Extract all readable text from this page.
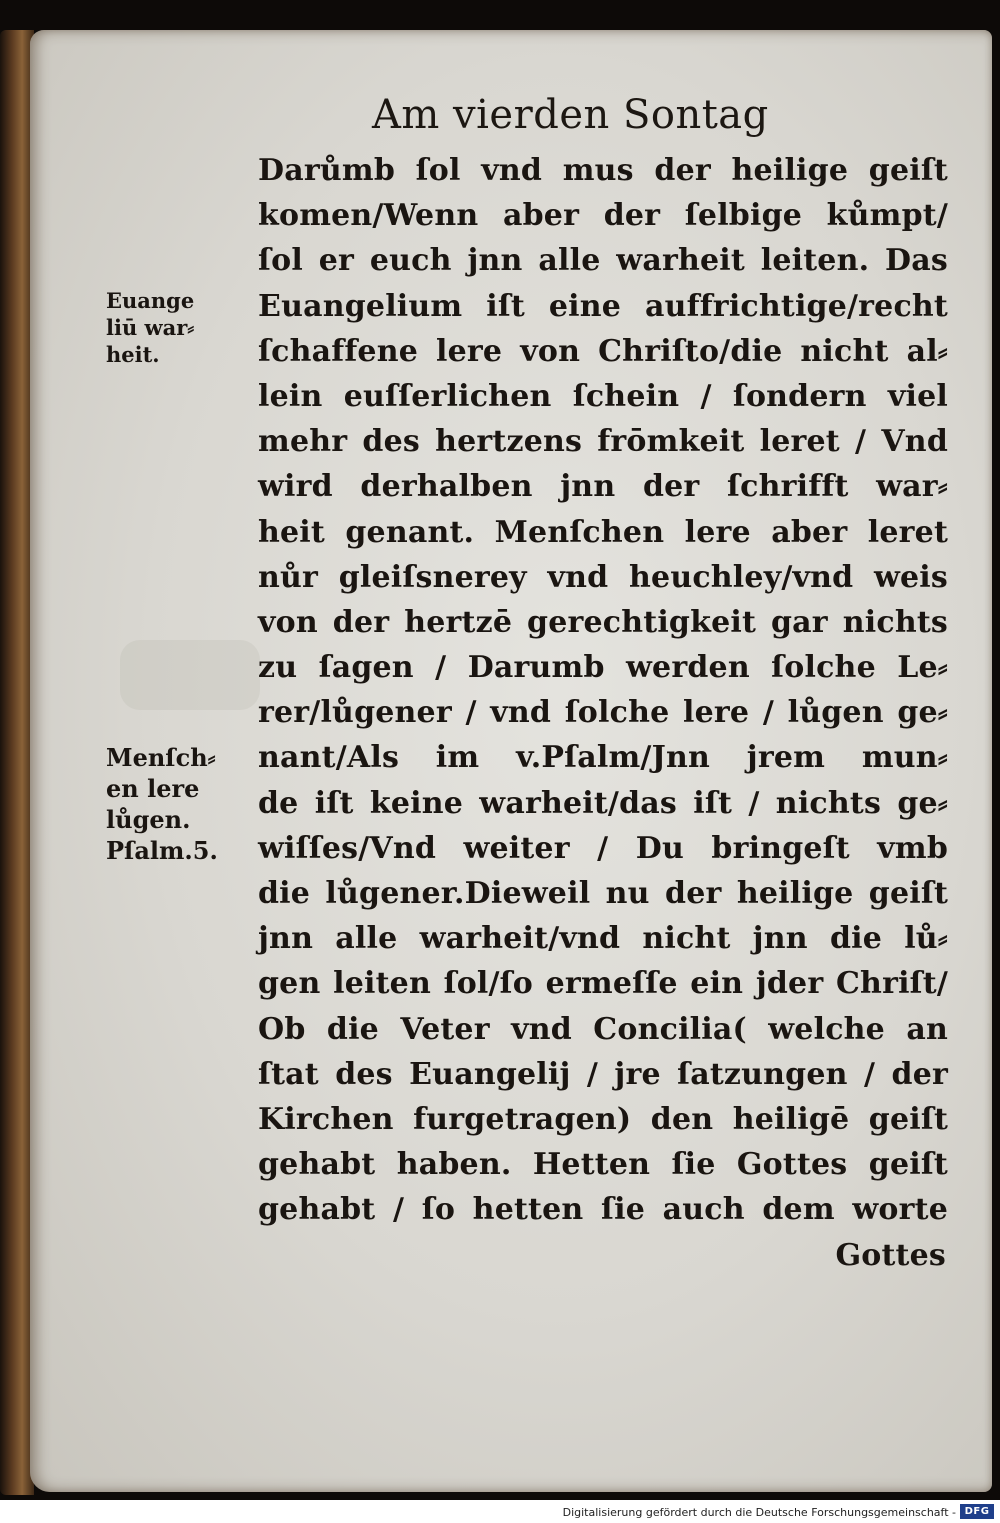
Am vierden Sontag
Euange
liū war⸗
heit.
Menſch⸗
en lere
lůgen.
Pſalm.5.
Darůmb ſol vnd mus der heilige geiſt
komen/Wenn aber der ſelbige kůmpt/
ſol er euch jnn alle warheit leiten. Das
Euangelium iſt eine auffrichtige/recht
ſchaffene lere von Chriſto/die nicht al⸗
lein euſſerlichen ſchein / ſondern viel
mehr des hertzens frōmkeit leret / Vnd
wird derhalben jnn der ſchrifft war⸗
heit genant. Menſchen lere aber leret
nůr gleiſsnerey vnd heuchley/vnd weis
von der hertzē gerechtigkeit gar nichts
zu ſagen / Darumb werden ſolche Le⸗
rer/lůgener / vnd ſolche lere / lůgen ge⸗
nant/Als im v.Pſalm/Jnn jrem mun⸗
de iſt keine warheit/das iſt / nichts ge⸗
wiſſes/Vnd weiter / Du bringeſt vmb
die lůgener.Dieweil nu der heilige geiſt
jnn alle warheit/vnd nicht jnn die lů⸗
gen leiten ſol/ſo ermeſſe ein jder Chriſt/
Ob die Veter vnd Concilia( welche an
ſtat des Euangelij / jre ſatzungen / der
Kirchen furgetragen) den heiligē geiſt
gehabt haben. Hetten ſie Gottes geiſt
gehabt / ſo hetten ſie auch dem worte
Gottes
Digitalisierung gefördert durch die Deutsche Forschungsgemeinschaft - DFG
